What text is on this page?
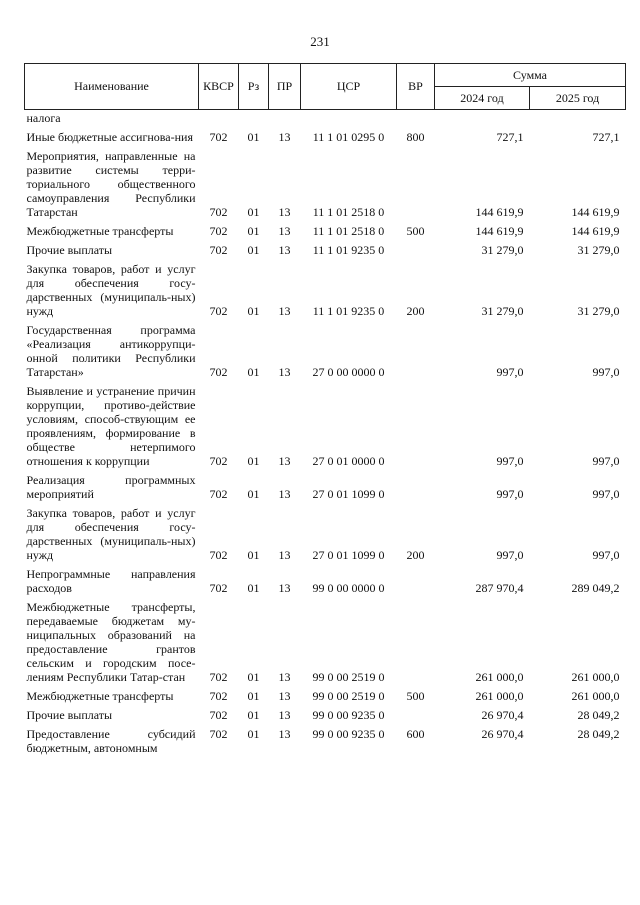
231
Наименование	КВСР	Рз	ПР	ЦСР	ВР	Сумма	
						2024 год	2025 год
налога							
Иные бюджетные ассигнова-ния	702	01	13	11 1 01 0295 0	800	727,1	727,1
Мероприятия, направленные на развитие системы терри-ториального общественного самоуправления Республики Татарстан	702	01	13	11 1 01 2518 0		144 619,9	144 619,9
Межбюджетные трансферты	702	01	13	11 1 01 2518 0	500	144 619,9	144 619,9
Прочие выплаты	702	01	13	11 1 01 9235 0		31 279,0	31 279,0
Закупка товаров, работ и услуг для обеспечения госу-дарственных (муниципаль-ных) нужд	702	01	13	11 1 01 9235 0	200	31 279,0	31 279,0
Государственная программа «Реализация антикоррупци-онной политики Республики Татарстан»	702	01	13	27 0 00 0000 0		997,0	997,0
Выявление и устранение причин коррупции, противо-действие условиям, способ-ствующим ее проявлениям, формирование в обществе нетерпимого отношения к коррупции	702	01	13	27 0 01 0000 0		997,0	997,0
Реализация программных мероприятий	702	01	13	27 0 01 1099 0		997,0	997,0
Закупка товаров, работ и услуг для обеспечения госу-дарственных (муниципаль-ных) нужд	702	01	13	27 0 01 1099 0	200	997,0	997,0
Непрограммные направления расходов	702	01	13	99 0 00 0000 0		287 970,4	289 049,2
Межбюджетные трансферты, передаваемые бюджетам му-ниципальных образований на предоставление грантов сельским и городским посе-лениям Республики Татар-стан	702	01	13	99 0 00 2519 0		261 000,0	261 000,0
Межбюджетные трансферты	702	01	13	99 0 00 2519 0	500	261 000,0	261 000,0
Прочие выплаты	702	01	13	99 0 00 9235 0		26 970,4	28 049,2
Предоставление субсидий бюджетным, автономным	702	01	13	99 0 00 9235 0	600	26 970,4	28 049,2
